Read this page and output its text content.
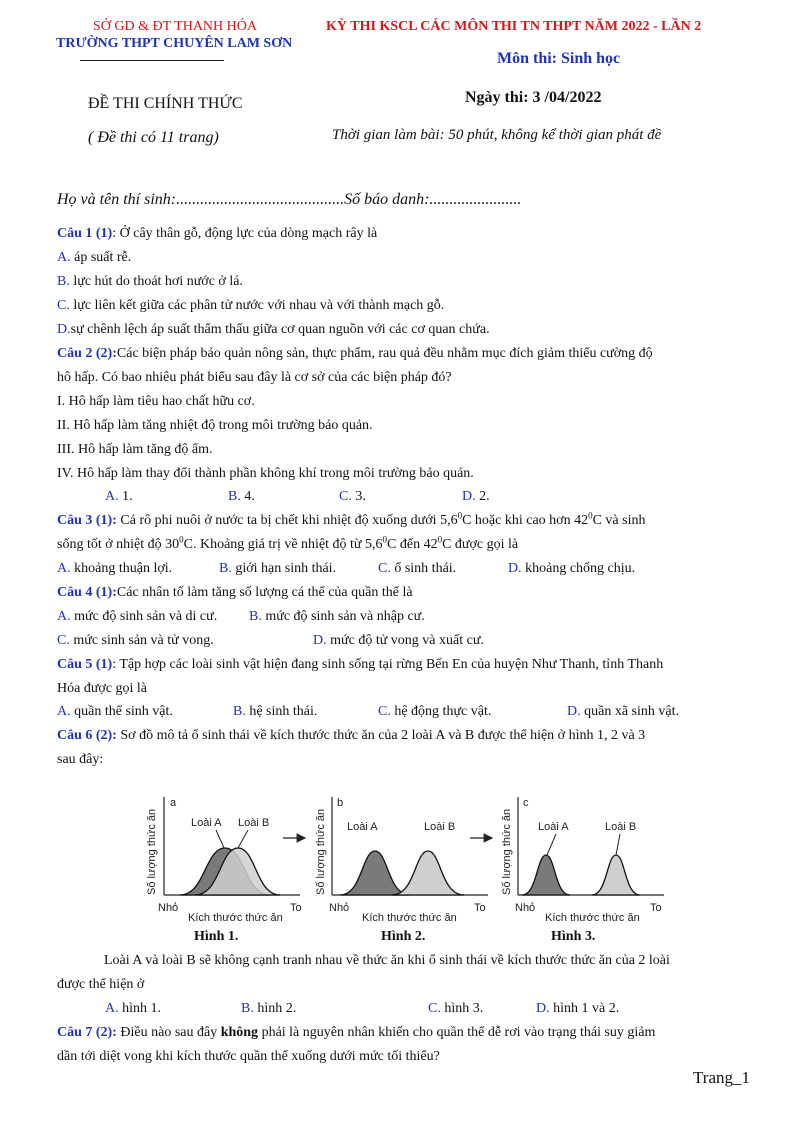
SỞ GD & ĐT THANH HÓA
TRƯỜNG THPT CHUYÊN LAM SƠN
KỲ THI KSCL CÁC MÔN THI TN THPT NĂM 2022 - LẦN 2
Môn thi: Sinh học
ĐỀ THI CHÍNH THỨC	Ngày thi: 3 /04/2022
( Đề thi có 11 trang)	Thời gian làm bài: 50 phút, không kể thời gian phát đề
Họ và tên thí sinh:..........................................Số báo danh:.......................
Câu 1 (1): Ở cây thân gỗ, động lực của dòng mạch rây là
A. áp suất rễ.
B. lực hút do thoát hơi nước ở lá.
C. lực liên kết giữa các phân tử nước với nhau và với thành mạch gỗ.
D.sự chênh lệch áp suất thẩm thấu giữa cơ quan nguồn với các cơ quan chứa.
Câu 2 (2):Các biện pháp bảo quản nông sản, thực phẩm, rau quả đều nhằm mục đích giảm thiểu cường độ
hô hấp. Có bao nhiêu phát biểu sau đây là cơ sở của các biện pháp đó?
I. Hô hấp làm tiêu hao chất hữu cơ.
II. Hô hấp làm tăng nhiệt độ trong môi trường bảo quản.
III. Hô hấp làm tăng độ ẩm.
IV. Hô hấp làm thay đổi thành phần không khí trong môi trường bảo quản.
A. 1.	B. 4.	C. 3.	D. 2.
Câu 3 (1): Cá rô phi nuôi ở nước ta bị chết khi nhiệt độ xuống dưới $5,6^0C$ hoặc khi cao hơn $42^0C$ và sinh
sống tốt ở nhiệt độ $30^0C$. Khoảng giá trị về nhiệt độ từ $5,6^0C$ đến $42^0C$ được gọi là
A. khoảng thuận lợi.	B. giới hạn sinh thái.	C. ổ sinh thái.	D. khoảng chống chịu.
Câu 4 (1):Các nhân tố làm tăng số lượng cá thể của quần thể là
A. mức độ sinh sản và di cư. B. mức độ sinh sản và nhập cư.
C. mức sinh sản và tử vong.	D. mức độ tử vong và xuất cư.
Câu 5 (1): Tập hợp các loài sinh vật hiện đang sinh sống tại rừng Bến En của huyện Như Thanh, tỉnh Thanh
Hóa được gọi là
A. quần thể sinh vật.	B. hệ sinh thái.	C. hệ động thực vật.	D. quần xã sinh vật.
Câu 6 (2): Sơ đồ mô tả ổ sinh thái về kích thước thức ăn của 2 loài A và B được thể hiện ở hình 1, 2 và 3
sau đây:
Số lượng thức ăn
a
Loài A Loài B
Nhỏ	To
Kích thước thức ăn
Số lượng thức ăn
b
Loài A	Loài B
Nhỏ	To
Kích thước thức ăn
Số lượng thức ăn
c
Loài A	Loài B
Nhỏ	To
Kích thước thức ăn
Hình 1.	Hình 2.	Hình 3.
Loài A và loài B sẽ không cạnh tranh nhau về thức ăn khi ổ sinh thái về kích thước thức ăn của 2 loài
được thể hiện ở
A. hình 1.	B. hình 2.	C. hình 3.	D. hình 1 và 2.
Câu 7 (2): Điều nào sau đây không phải là nguyên nhân khiến cho quần thể dễ rơi vào trạng thái suy giảm
dần tới diệt vong khi kích thước quần thể xuống dưới mức tối thiểu?
Trang_1
